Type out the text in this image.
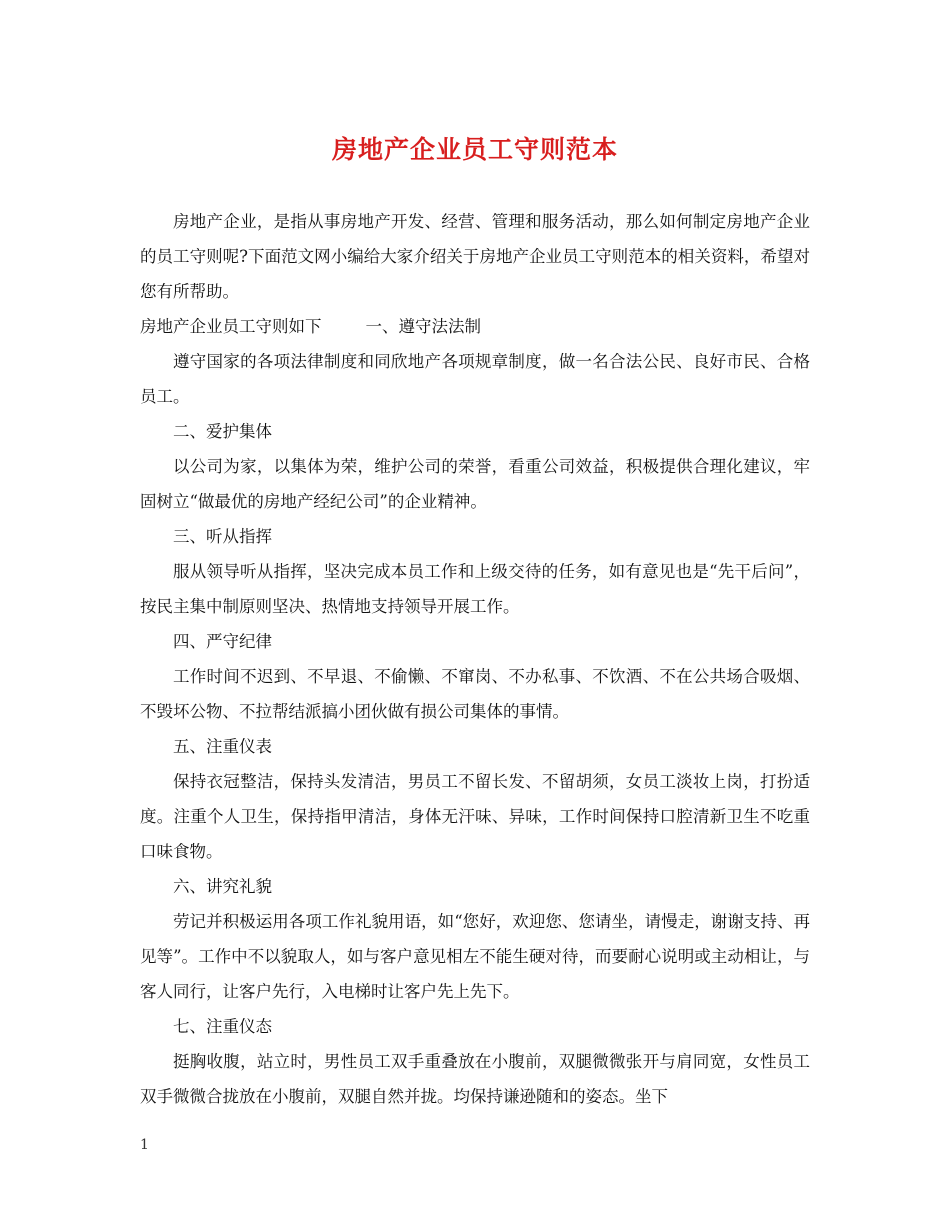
房地产企业员工守则范本

房地产企业，是指从事房地产开发、经营、管理和服务活动，那么如何制定房地产企业的员工守则呢?下面范文网小编给大家介绍关于房地产企业员工守则范本的相关资料，希望对您有所帮助。

房地产企业员工守则如下	一、遵守法法制

遵守国家的各项法律制度和同欣地产各项规章制度，做一名合法公民、良好市民、合格员工。

二、爱护集体

以公司为家，以集体为荣，维护公司的荣誉，看重公司效益，积极提供合理化建议，牢固树立“做最优的房地产经纪公司”的企业精神。

三、听从指挥

服从领导听从指挥，坚决完成本员工作和上级交待的任务，如有意见也是“先干后问”，按民主集中制原则坚决、热情地支持领导开展工作。

四、严守纪律

工作时间不迟到、不早退、不偷懒、不窜岗、不办私事、不饮酒、不在公共场合吸烟、不毁坏公物、不拉帮结派搞小团伙做有损公司集体的事情。

五、注重仪表

保持衣冠整洁，保持头发清洁，男员工不留长发、不留胡须，女员工淡妆上岗，打扮适度。注重个人卫生，保持指甲清洁，身体无汗味、异味，工作时间保持口腔清新卫生不吃重口味食物。

六、讲究礼貌

劳记并积极运用各项工作礼貌用语，如“您好，欢迎您、您请坐，请慢走，谢谢支持、再见等”。工作中不以貌取人，如与客户意见相左不能生硬对待，而要耐心说明或主动相让，与客人同行，让客户先行，入电梯时让客户先上先下。

七、注重仪态

挺胸收腹，站立时，男性员工双手重叠放在小腹前，双腿微微张开与肩同宽，女性员工双手微微合拢放在小腹前，双腿自然并拢。均保持谦逊随和的姿态。坐下

1
